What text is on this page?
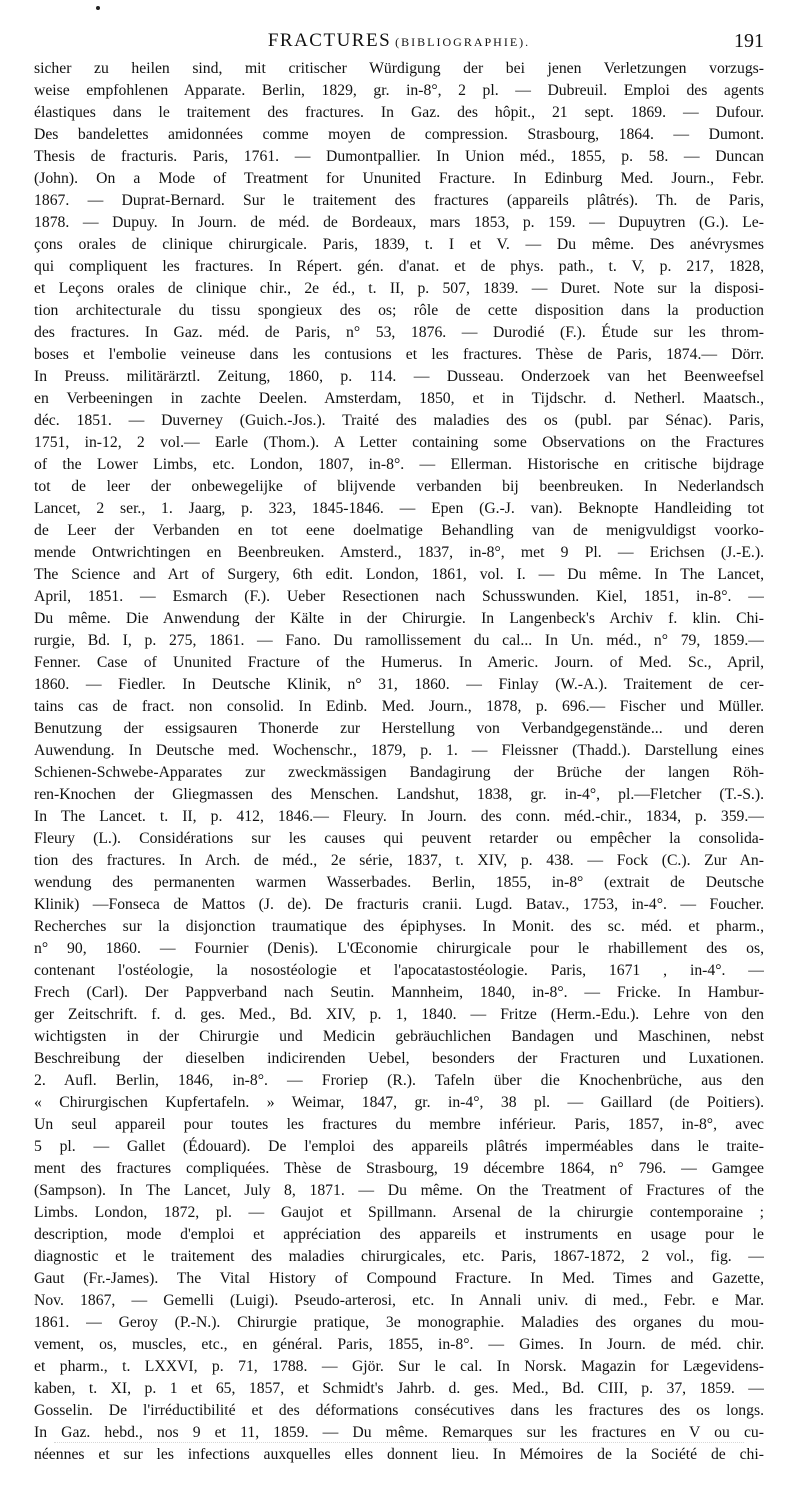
FRACTURES (BIBLIOGRAPHIE).	191

sicher zu heilen sind, mit critischer Würdigung der bei jenen Verletzungen vorzugs-
weise empfohlenen Apparate. Berlin, 1829, gr. in-8°, 2 pl. — Dubreuil. Emploi des agents
élastiques dans le traitement des fractures. In Gaz. des hôpit., 21 sept. 1869. — Dufour.
Des bandelettes amidonnées comme moyen de compression. Strasbourg, 1864. — Dumont.
Thesis de fracturis. Paris, 1761. — Dumontpallier. In Union méd., 1855, p. 58. — Duncan
(John). On a Mode of Treatment for Ununited Fracture. In Edinburg Med. Journ., Febr.
1867. — Duprat-Bernard. Sur le traitement des fractures (appareils plâtrés). Th. de Paris,
1878. — Dupuy. In Journ. de méd. de Bordeaux, mars 1853, p. 159. — Dupuytren (G.). Le-
çons orales de clinique chirurgicale. Paris, 1839, t. I et V. — Du même. Des anévrysmes
qui compliquent les fractures. In Répert. gén. d'anat. et de phys. path., t. V, p. 217, 1828,
et Leçons orales de clinique chir., 2e éd., t. II, p. 507, 1839. — Duret. Note sur la disposi-
tion architecturale du tissu spongieux des os; rôle de cette disposition dans la production
des fractures. In Gaz. méd. de Paris, n° 53, 1876. — Durodié (F.). Étude sur les throm-
boses et l'embolie veineuse dans les contusions et les fractures. Thèse de Paris, 1874.— Dörr.
In Preuss. militärärztl. Zeitung, 1860, p. 114. — Dusseau. Onderzoek van het Beenweefsel
en Verbeeningen in zachte Deelen. Amsterdam, 1850, et in Tijdschr. d. Netherl. Maatsch.,
déc. 1851. — Duverney (Guich.-Jos.). Traité des maladies des os (publ. par Sénac). Paris,
1751, in-12, 2 vol.— Earle (Thom.). A Letter containing some Observations on the Fractures
of the Lower Limbs, etc. London, 1807, in-8°. — Ellerman. Historische en critische bijdrage
tot de leer der onbewegelijke of blijvende verbanden bij beenbreuken. In Nederlandsch
Lancet, 2 ser., 1. Jaarg, p. 323, 1845-1846. — Epen (G.-J. van). Beknopte Handleiding tot
de Leer der Verbanden en tot eene doelmatige Behandling van de menigvuldigst voorko-
mende Ontwrichtingen en Beenbreuken. Amsterd., 1837, in-8°, met 9 Pl. — Erichsen (J.-E.).
The Science and Art of Surgery, 6th edit. London, 1861, vol. I. — Du même. In The Lancet,
April, 1851. — Esmarch (F.). Ueber Resectionen nach Schusswunden. Kiel, 1851, in-8°. —
Du même. Die Anwendung der Kälte in der Chirurgie. In Langenbeck's Archiv f. klin. Chi-
rurgie, Bd. I, p. 275, 1861. — Fano. Du ramollissement du cal... In Un. méd., n° 79, 1859.—
Fenner. Case of Ununited Fracture of the Humerus. In Americ. Journ. of Med. Sc., April,
1860. — Fiedler. In Deutsche Klinik, n° 31, 1860. — Finlay (W.-A.). Traitement de cer-
tains cas de fract. non consolid. In Edinb. Med. Journ., 1878, p. 696.— Fischer und Müller.
Benutzung der essigsauren Thonerde zur Herstellung von Verbandgegenstände... und deren
Auwendung. In Deutsche med. Wochenschr., 1879, p. 1. — Fleissner (Thadd.). Darstellung eines
Schienen-Schwebe-Apparates zur zweckmässigen Bandagirung der Brüche der langen Röh-
ren-Knochen der Gliegmassen des Menschen. Landshut, 1838, gr. in-4°, pl.—Fletcher (T.-S.).
In The Lancet. t. II, p. 412, 1846.— Fleury. In Journ. des conn. méd.-chir., 1834, p. 359.—
Fleury (L.). Considérations sur les causes qui peuvent retarder ou empêcher la consolida-
tion des fractures. In Arch. de méd., 2e série, 1837, t. XIV, p. 438. — Fock (C.). Zur An-
wendung des permanenten warmen Wasserbades. Berlin, 1855, in-8° (extrait de Deutsche
Klinik) —Fonseca de Mattos (J. de). De fracturis cranii. Lugd. Batav., 1753, in-4°. — Foucher.
Recherches sur la disjonction traumatique des épiphyses. In Monit. des sc. méd. et pharm.,
n° 90, 1860. — Fournier (Denis). L'Œconomie chirurgicale pour le rhabillement des os,
contenant l'ostéologie, la nosostéologie et l'apocatastostéologie. Paris, 1671 , in-4°. —
Frech (Carl). Der Pappverband nach Seutin. Mannheim, 1840, in-8°. — Fricke. In Hambur-
ger Zeitschrift. f. d. ges. Med., Bd. XIV, p. 1, 1840. — Fritze (Herm.-Edu.). Lehre von den
wichtigsten in der Chirurgie und Medicin gebräuchlichen Bandagen und Maschinen, nebst
Beschreibung der dieselben indicirenden Uebel, besonders der Fracturen und Luxationen.
2. Aufl. Berlin, 1846, in-8°. — Froriep (R.). Tafeln über die Knochenbrüche, aus den
« Chirurgischen Kupfertafeln. » Weimar, 1847, gr. in-4°, 38 pl. — Gaillard (de Poitiers).
Un seul appareil pour toutes les fractures du membre inférieur. Paris, 1857, in-8°, avec
5 pl. — Gallet (Édouard). De l'emploi des appareils plâtrés imperméables dans le traite-
ment des fractures compliquées. Thèse de Strasbourg, 19 décembre 1864, n° 796. — Gamgee
(Sampson). In The Lancet, July 8, 1871. — Du même. On the Treatment of Fractures of the
Limbs. London, 1872, pl. — Gaujot et Spillmann. Arsenal de la chirurgie contemporaine ;
description, mode d'emploi et appréciation des appareils et instruments en usage pour le
diagnostic et le traitement des maladies chirurgicales, etc. Paris, 1867-1872, 2 vol., fig. —
Gaut (Fr.-James). The Vital History of Compound Fracture. In Med. Times and Gazette,
Nov. 1867, — Gemelli (Luigi). Pseudo-arterosi, etc. In Annali univ. di med., Febr. e Mar.
1861. — Geroy (P.-N.). Chirurgie pratique, 3e monographie. Maladies des organes du mou-
vement, os, muscles, etc., en général. Paris, 1855, in-8°. — Gimes. In Journ. de méd. chir.
et pharm., t. LXXVI, p. 71, 1788. — Gjör. Sur le cal. In Norsk. Magazin for Lægevidens-
kaben, t. XI, p. 1 et 65, 1857, et Schmidt's Jahrb. d. ges. Med., Bd. CIII, p. 37, 1859. —
Gosselin. De l'irréductibilité et des déformations consécutives dans les fractures des os longs.
In Gaz. hebd., nos 9 et 11, 1859. — Du même. Remarques sur les fractures en V ou cu-
néennes et sur les infections auxquelles elles donnent lieu. In Mémoires de la Société de chi-
